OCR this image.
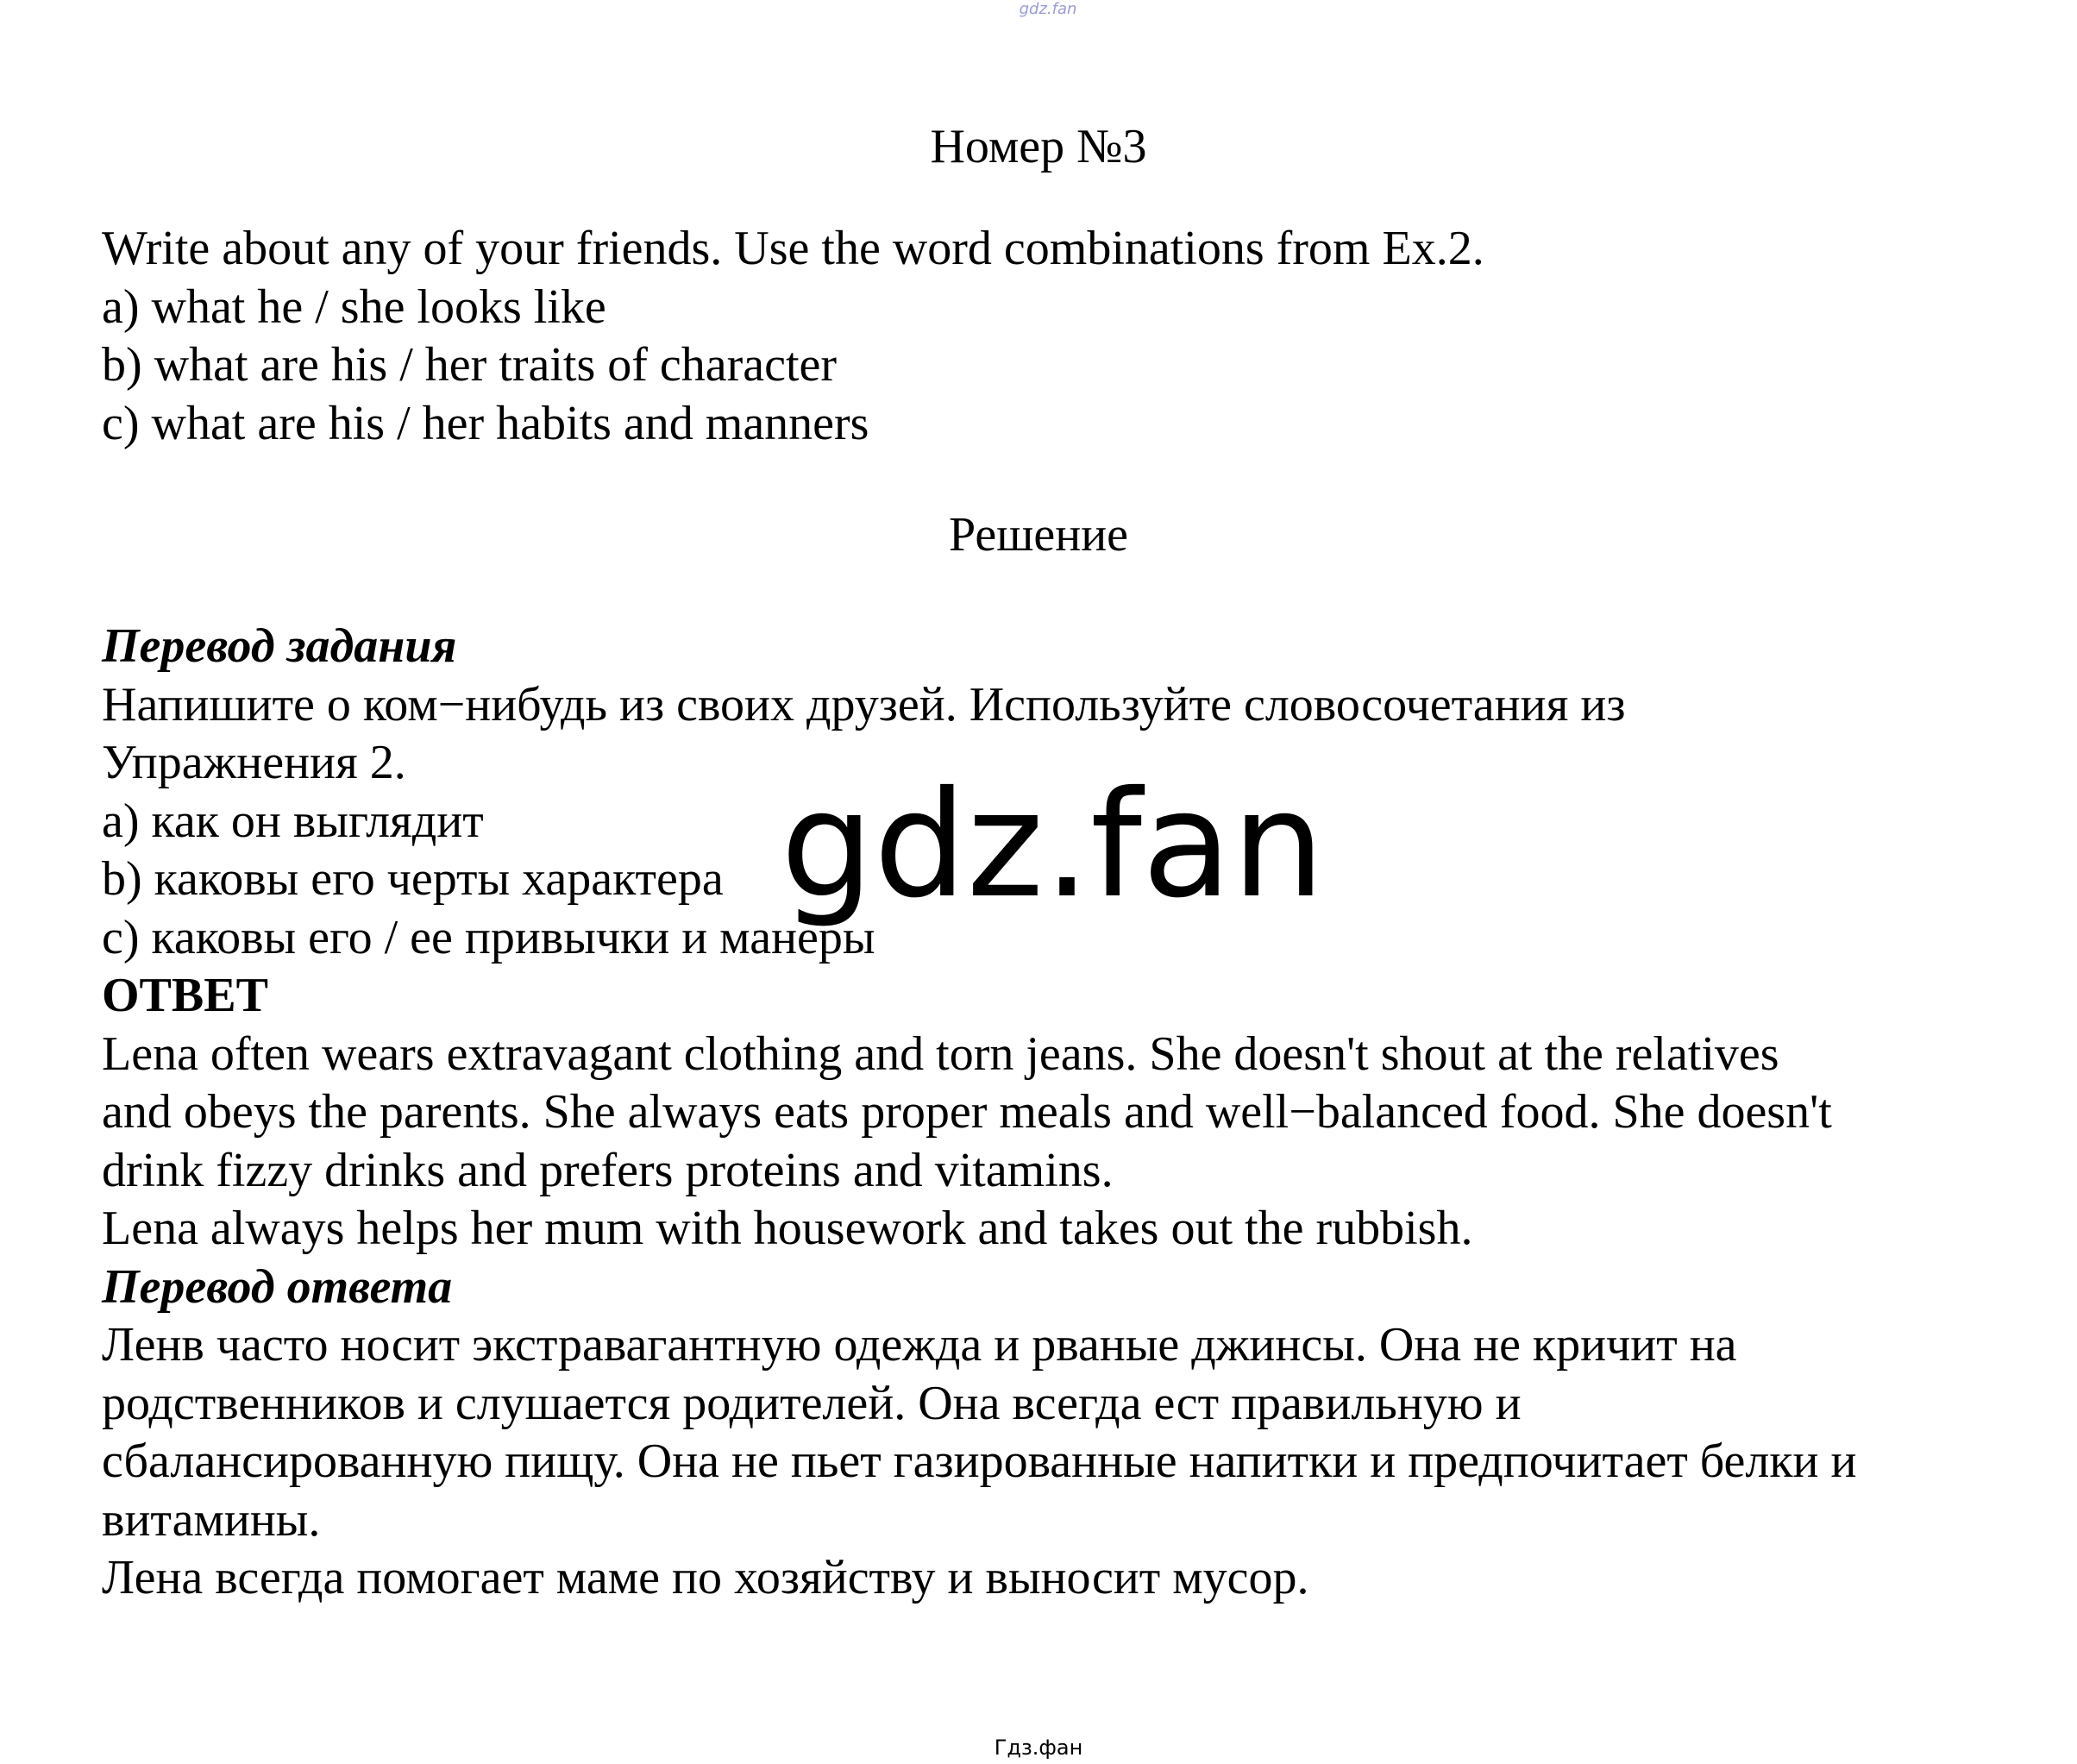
gdz.fan
Номер №3
Write about any of your friends. Use the word combinations from Ex.2.
a) what he / she looks like
b) what are his / her traits of character
c) what are his / her habits and manners
Решение
Перевод задания
Напишите о ком−нибудь из своих друзей. Используйте словосочетания из
Упражнения 2.
a) как он выглядит
b) каковы его черты характера
c) каковы его / ее привычки и манеры
ОТВЕТ
Lena often wears extravagant clothing and torn jeans. She doesn't shout at the relatives
and obeys the parents. She always eats proper meals and well−balanced food. She doesn't
drink fizzy drinks and prefers proteins and vitamins.
Lena always helps her mum with housework and takes out the rubbish.
Перевод ответа
Ленв часто носит экстравагантную одежда и рваные джинсы. Она не кричит на
родственников и слушается родителей. Она всегда ест правильную и
сбалансированную пищу. Она не пьет газированные напитки и предпочитает белки и
витамины.
Лена всегда помогает маме по хозяйству и выносит мусор.
gdz.fan
Гдз.фан
